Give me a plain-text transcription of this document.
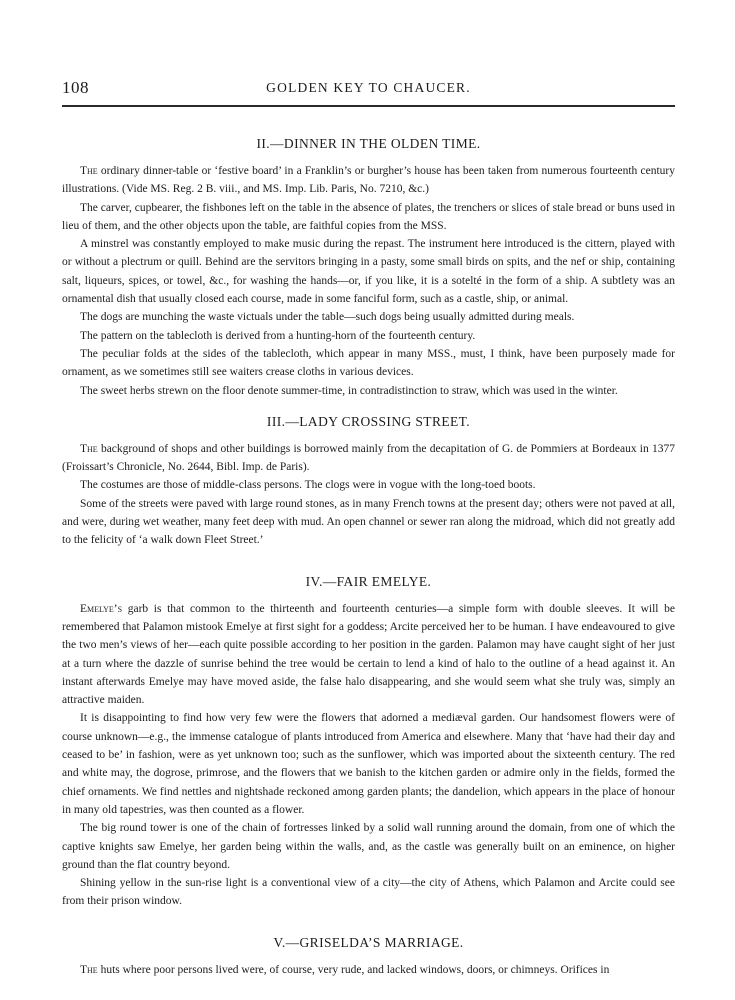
108	GOLDEN KEY TO CHAUCER.
II.—DINNER IN THE OLDEN TIME.

The ordinary dinner-table or ‘festive board’ in a Franklin’s or burgher’s house has been taken from numerous fourteenth century illustrations. (Vide MS. Reg. 2 B. viii., and MS. Imp. Lib. Paris, No. 7210, &c.)

The carver, cupbearer, the fishbones left on the table in the absence of plates, the trenchers or slices of stale bread or buns used in lieu of them, and the other objects upon the table, are faithful copies from the MSS.

A minstrel was constantly employed to make music during the repast. The instrument here introduced is the cittern, played with or without a plectrum or quill. Behind are the servitors bringing in a pasty, some small birds on spits, and the nef or ship, containing salt, liqueurs, spices, or towel, &c., for washing the hands—or, if you like, it is a sotelté in the form of a ship. A subtlety was an ornamental dish that usually closed each course, made in some fanciful form, such as a castle, ship, or animal.

The dogs are munching the waste victuals under the table—such dogs being usually admitted during meals.

The pattern on the tablecloth is derived from a hunting-horn of the fourteenth century.

The peculiar folds at the sides of the tablecloth, which appear in many MSS., must, I think, have been purposely made for ornament, as we sometimes still see waiters crease cloths in various devices.

The sweet herbs strewn on the floor denote summer-time, in contradistinction to straw, which was used in the winter.

III.—LADY CROSSING STREET.

The background of shops and other buildings is borrowed mainly from the decapitation of G. de Pommiers at Bordeaux in 1377 (Froissart’s Chronicle, No. 2644, Bibl. Imp. de Paris).

The costumes are those of middle-class persons. The clogs were in vogue with the long-toed boots.

Some of the streets were paved with large round stones, as in many French towns at the present day; others were not paved at all, and were, during wet weather, many feet deep with mud. An open channel or sewer ran along the midroad, which did not greatly add to the felicity of ‘a walk down Fleet Street.’

IV.—FAIR EMELYE.

Emelye’s garb is that common to the thirteenth and fourteenth centuries—a simple form with double sleeves. It will be remembered that Palamon mistook Emelye at first sight for a goddess; Arcite perceived her to be human. I have endeavoured to give the two men’s views of her—each quite possible according to her position in the garden. Palamon may have caught sight of her just at a turn where the dazzle of sunrise behind the tree would be certain to lend a kind of halo to the outline of a head against it. An instant afterwards Emelye may have moved aside, the false halo disappearing, and she would seem what she truly was, simply an attractive maiden.

It is disappointing to find how very few were the flowers that adorned a mediæval garden. Our handsomest flowers were of course unknown—e.g., the immense catalogue of plants introduced from America and elsewhere. Many that ‘have had their day and ceased to be’ in fashion, were as yet unknown too; such as the sunflower, which was imported about the sixteenth century. The red and white may, the dogrose, primrose, and the flowers that we banish to the kitchen garden or admire only in the fields, formed the chief ornaments. We find nettles and nightshade reckoned among garden plants; the dandelion, which appears in the place of honour in many old tapestries, was then counted as a flower.

The big round tower is one of the chain of fortresses linked by a solid wall running around the domain, from one of which the captive knights saw Emelye, her garden being within the walls, and, as the castle was generally built on an eminence, on higher ground than the flat country beyond.

Shining yellow in the sun-rise light is a conventional view of a city—the city of Athens, which Palamon and Arcite could see from their prison window.

V.—GRISELDA’S MARRIAGE.

The huts where poor persons lived were, of course, very rude, and lacked windows, doors, or chimneys. Orifices in
